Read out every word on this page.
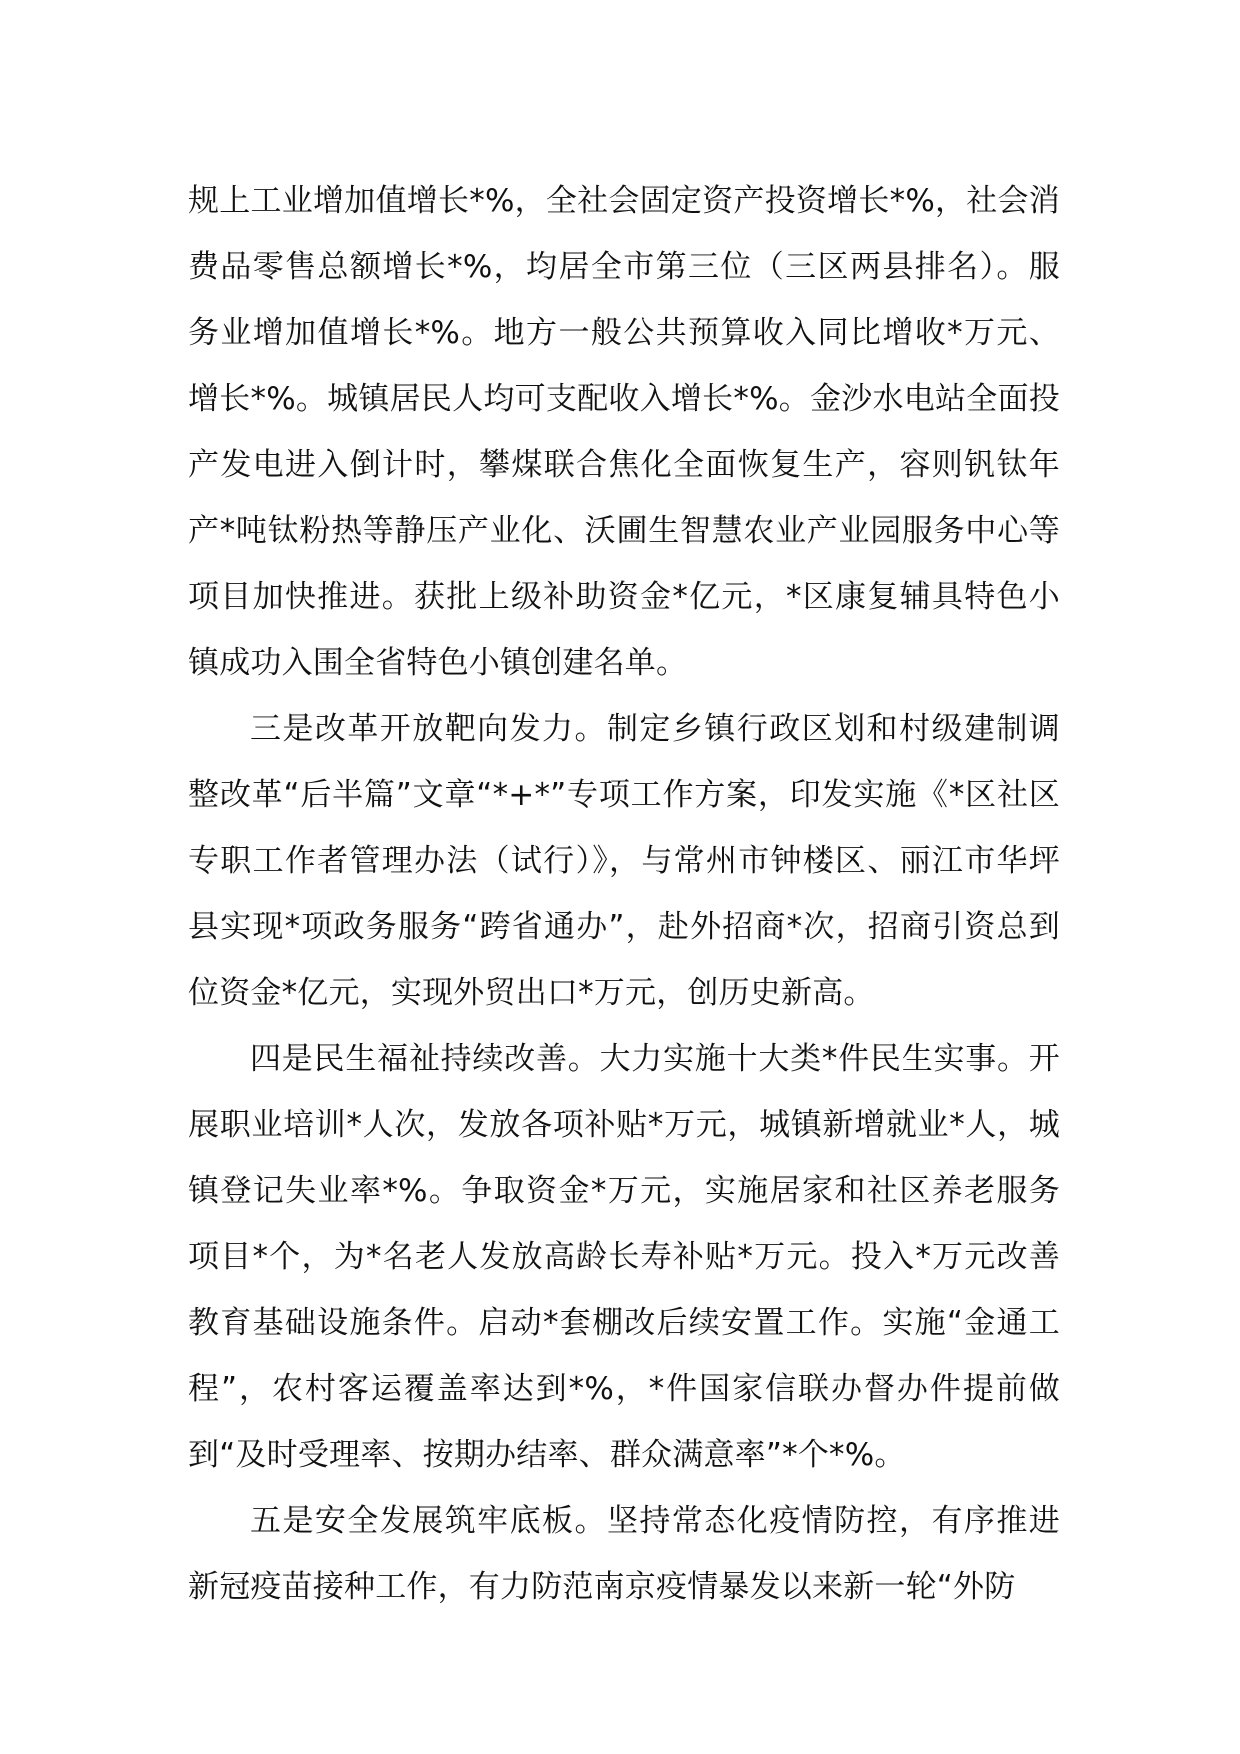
规上工业增加值增长*%，全社会固定资产投资增长*%，社会消费品零售总额增长*%，均居全市第三位（三区两县排名）。服务业增加值增长*%。地方一般公共预算收入同比增收*万元、增长*%。城镇居民人均可支配收入增长*%。金沙水电站全面投产发电进入倒计时，攀煤联合焦化全面恢复生产，容则钒钛年产*吨钛粉热等静压产业化、沃圃生智慧农业产业园服务中心等项目加快推进。获批上级补助资金*亿元，*区康复辅具特色小镇成功入围全省特色小镇创建名单。

三是改革开放靶向发力。制定乡镇行政区划和村级建制调整改革“后半篇”文章“*+*”专项工作方案，印发实施《*区社区专职工作者管理办法（试行）》，与常州市钟楼区、丽江市华坪县实现*项政务服务“跨省通办”，赴外招商*次，招商引资总到位资金*亿元，实现外贸出口*万元，创历史新高。

四是民生福祉持续改善。大力实施十大类*件民生实事。开展职业培训*人次，发放各项补贴*万元，城镇新增就业*人，城镇登记失业率*%。争取资金*万元，实施居家和社区养老服务项目*个，为*名老人发放高龄长寿补贴*万元。投入*万元改善教育基础设施条件。启动*套棚改后续安置工作。实施“金通工程”，农村客运覆盖率达到*%，*件国家信联办督办件提前做到“及时受理率、按期办结率、群众满意率”*个*%。

五是安全发展筑牢底板。坚持常态化疫情防控，有序推进新冠疫苗接种工作，有力防范南京疫情暴发以来新一轮“外防
